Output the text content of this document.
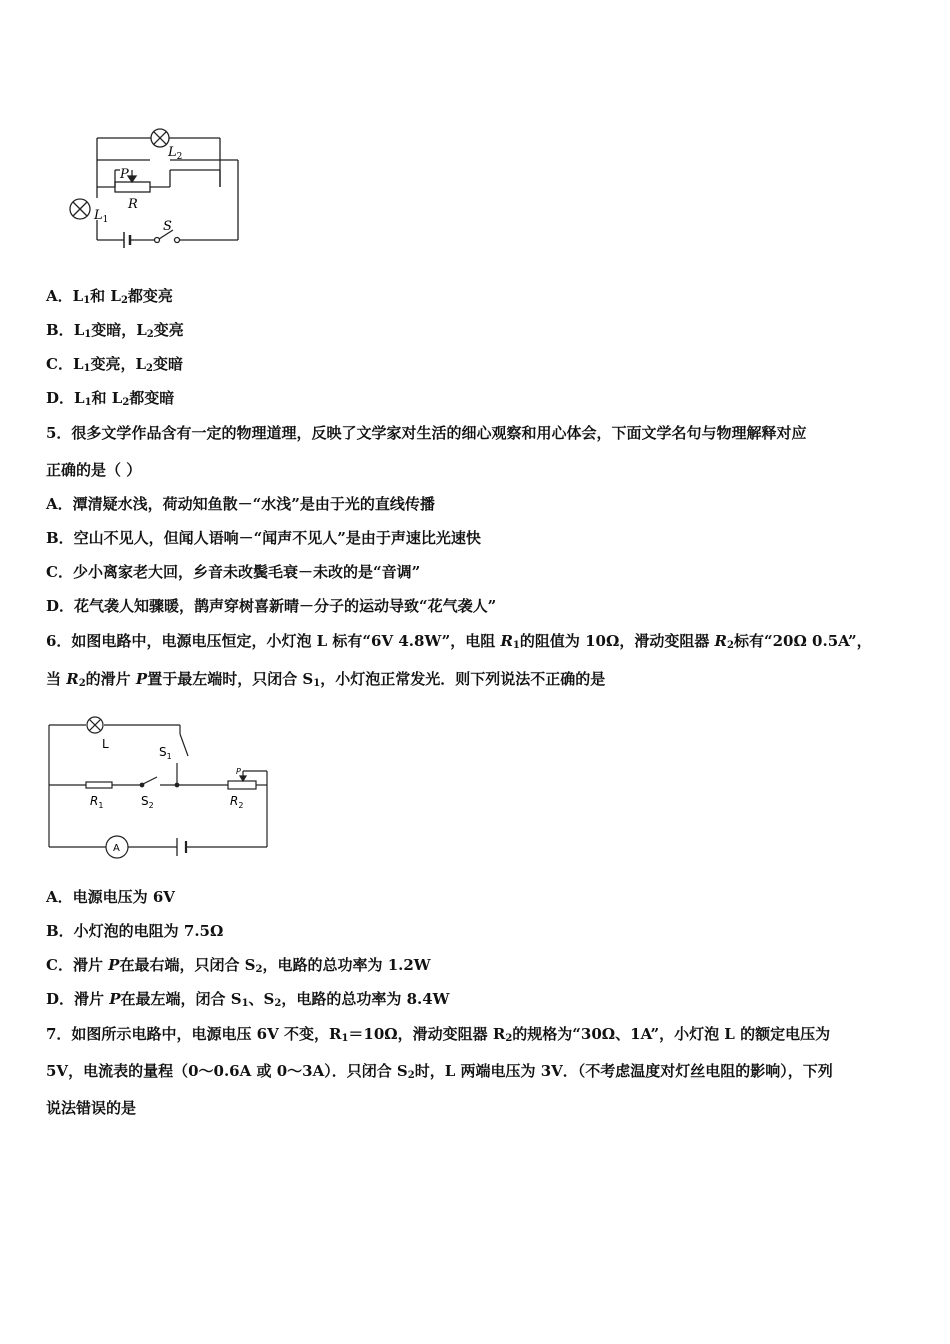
$L_2$
P
R
$L_1$	S
A．$L_1$和 $L_2$都变亮
B．$L_1$变暗，$L_2$变亮
C．$L_1$变亮，$L_2$变暗
D．$L_1$和 $L_2$都变暗
5．很多文学作品含有一定的物理道理，反映了文学家对生活的细心观察和用心体会，下面文学名句与物理解释对应
正确的是（ ）
A．潭清疑水浅，荷动知鱼散－“水浅”是由于光的直线传播
B．空山不见人，但闻人语响－“闻声不见人”是由于声速比光速快
C．少小离家老大回，乡音未改鬓毛衰－未改的是“音调”
D．花气袭人知骤暖，鹊声穿树喜新晴－分子的运动导致“花气袭人”
6．如图电路中，电源电压恒定，小灯泡 L 标有“6V 4.8W”，电阻 $R_1$的阻值为 10Ω，滑动变阻器 $R_2$标有“20Ω 0.5A”，
当 $R_2$的滑片 P置于最左端时，只闭合 $S_1$，小灯泡正常发光．则下列说法不正确的是
L
$S_1$
$R_1$	$S_2$	$R_2$
P
A
A．电源电压为 6V
B．小灯泡的电阻为 7.5Ω
C．滑片 P在最右端，只闭合 $S_2$，电路的总功率为 1.2W
D．滑片 P在最左端，闭合 $S_1$、$S_2$，电路的总功率为 8.4W
7．如图所示电路中，电源电压 6V 不变，$R_1=10\Omega$，滑动变阻器 $R_2$的规格为“30Ω、1A”，小灯泡 L 的额定电压为
5V，电流表的量程（0～0.6A 或 0～3A）．只闭合 $S_2$时，L 两端电压为 3V．（不考虑温度对灯丝电阻的影响），下列
说法错误的是
